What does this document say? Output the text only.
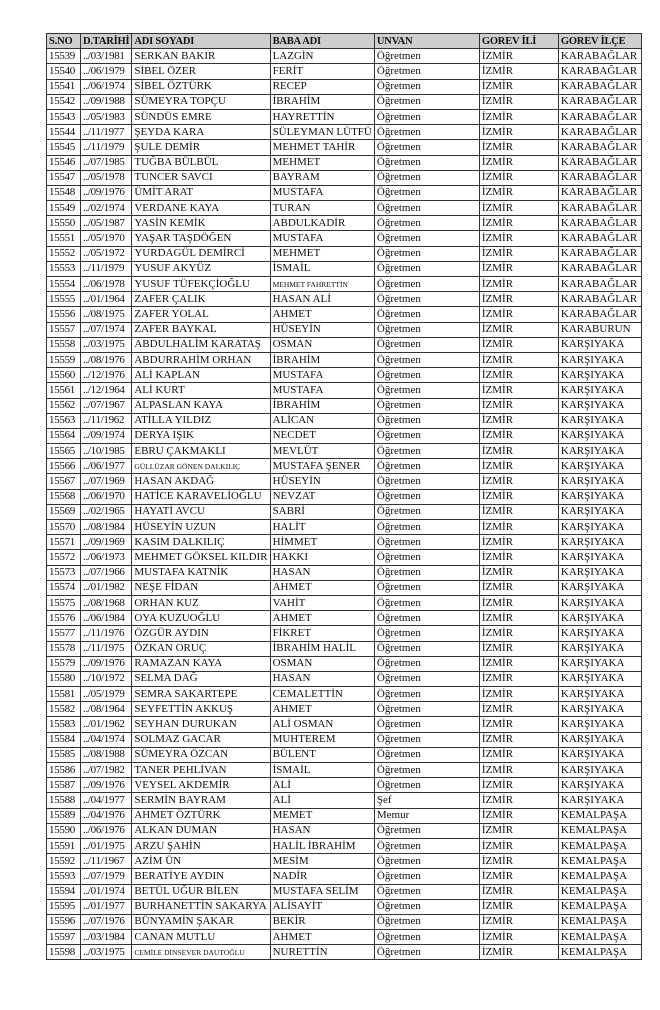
S.NO	D.TARİHİ	ADI SOYADI	BABA ADI	UNVAN	GOREV İLİ	GOREV İLÇE
15539	../03/1981	SERKAN BAKIR	LAZGİN	Öğretmen	İZMİR	KARABAĞLAR
15540	../06/1979	SİBEL ÖZER	FERİT	Öğretmen	İZMİR	KARABAĞLAR
15541	../06/1974	SİBEL ÖZTÜRK	RECEP	Öğretmen	İZMİR	KARABAĞLAR
15542	../09/1988	SÜMEYRA TOPÇU	İBRAHİM	Öğretmen	İZMİR	KARABAĞLAR
15543	../05/1983	SÜNDÜS EMRE	HAYRETTİN	Öğretmen	İZMİR	KARABAĞLAR
15544	../11/1977	ŞEYDA KARA	SÜLEYMAN LÜTFÜ	Öğretmen	İZMİR	KARABAĞLAR
15545	../11/1979	ŞULE DEMİR	MEHMET TAHİR	Öğretmen	İZMİR	KARABAĞLAR
15546	../07/1985	TUĞBA BÜLBÜL	MEHMET	Öğretmen	İZMİR	KARABAĞLAR
15547	../05/1978	TUNCER SAVCI	BAYRAM	Öğretmen	İZMİR	KARABAĞLAR
15548	../09/1976	ÜMİT ARAT	MUSTAFA	Öğretmen	İZMİR	KARABAĞLAR
15549	../02/1974	VERDANE KAYA	TURAN	Öğretmen	İZMİR	KARABAĞLAR
15550	../05/1987	YASİN KEMİK	ABDULKADİR	Öğretmen	İZMİR	KARABAĞLAR
15551	../05/1970	YAŞAR TAŞDÖĞEN	MUSTAFA	Öğretmen	İZMİR	KARABAĞLAR
15552	../05/1972	YURDAGÜL DEMİRCİ	MEHMET	Öğretmen	İZMİR	KARABAĞLAR
15553	../11/1979	YUSUF AKYÜZ	İSMAİL	Öğretmen	İZMİR	KARABAĞLAR
15554	../06/1978	YUSUF TÜFEKÇİOĞLU	MEHMET FAHRETTİN	Öğretmen	İZMİR	KARABAĞLAR
15555	../01/1964	ZAFER ÇALIK	HASAN ALİ	Öğretmen	İZMİR	KARABAĞLAR
15556	../08/1975	ZAFER YOLAL	AHMET	Öğretmen	İZMİR	KARABAĞLAR
15557	../07/1974	ZAFER BAYKAL	HÜSEYİN	Öğretmen	İZMİR	KARABURUN
15558	../03/1975	ABDULHALİM KARATAŞ	OSMAN	Öğretmen	İZMİR	KARŞIYAKA
15559	../08/1976	ABDURRAHİM ORHAN	İBRAHİM	Öğretmen	İZMİR	KARŞIYAKA
15560	../12/1976	ALİ KAPLAN	MUSTAFA	Öğretmen	İZMİR	KARŞIYAKA
15561	../12/1964	ALİ KURT	MUSTAFA	Öğretmen	İZMİR	KARŞIYAKA
15562	../07/1967	ALPASLAN KAYA	İBRAHİM	Öğretmen	İZMİR	KARŞIYAKA
15563	../11/1962	ATİLLA YILDIZ	ALİCAN	Öğretmen	İZMİR	KARŞIYAKA
15564	../09/1974	DERYA IŞIK	NECDET	Öğretmen	İZMİR	KARŞIYAKA
15565	../10/1985	EBRU ÇAKMAKLI	MEVLÜT	Öğretmen	İZMİR	KARŞIYAKA
15566	../06/1977	GÜLLÜZAR GÖNEN DALKILIÇ	MUSTAFA ŞENER	Öğretmen	İZMİR	KARŞIYAKA
15567	../07/1969	HASAN AKDAĞ	HÜSEYİN	Öğretmen	İZMİR	KARŞIYAKA
15568	../06/1970	HATİCE KARAVELİOĞLU	NEVZAT	Öğretmen	İZMİR	KARŞIYAKA
15569	../02/1965	HAYATİ AVCU	SABRİ	Öğretmen	İZMİR	KARŞIYAKA
15570	../08/1984	HÜSEYİN UZUN	HALİT	Öğretmen	İZMİR	KARŞIYAKA
15571	../09/1969	KASIM DALKILIÇ	HİMMET	Öğretmen	İZMİR	KARŞIYAKA
15572	../06/1973	MEHMET GÖKSEL KILDIR	HAKKI	Öğretmen	İZMİR	KARŞIYAKA
15573	../07/1966	MUSTAFA KATNİK	HASAN	Öğretmen	İZMİR	KARŞIYAKA
15574	../01/1982	NEŞE FİDAN	AHMET	Öğretmen	İZMİR	KARŞIYAKA
15575	../08/1968	ORHAN KUZ	VAHİT	Öğretmen	İZMİR	KARŞIYAKA
15576	../06/1984	OYA KUZUOĞLU	AHMET	Öğretmen	İZMİR	KARŞIYAKA
15577	../11/1976	ÖZGÜR AYDIN	FİKRET	Öğretmen	İZMİR	KARŞIYAKA
15578	../11/1975	ÖZKAN ORUÇ	İBRAHİM HALİL	Öğretmen	İZMİR	KARŞIYAKA
15579	../09/1976	RAMAZAN KAYA	OSMAN	Öğretmen	İZMİR	KARŞIYAKA
15580	../10/1972	SELMA DAĞ	HASAN	Öğretmen	İZMİR	KARŞIYAKA
15581	../05/1979	SEMRA SAKARTEPE	CEMALETTİN	Öğretmen	İZMİR	KARŞIYAKA
15582	../08/1964	SEYFETTİN AKKUŞ	AHMET	Öğretmen	İZMİR	KARŞIYAKA
15583	../01/1962	SEYHAN DURUKAN	ALİ OSMAN	Öğretmen	İZMİR	KARŞIYAKA
15584	../04/1974	SOLMAZ GACAR	MUHTEREM	Öğretmen	İZMİR	KARŞIYAKA
15585	../08/1988	SÜMEYRA ÖZCAN	BÜLENT	Öğretmen	İZMİR	KARŞIYAKA
15586	../07/1982	TANER PEHLİVAN	İSMAİL	Öğretmen	İZMİR	KARŞIYAKA
15587	../09/1976	VEYSEL AKDEMİR	ALİ	Öğretmen	İZMİR	KARŞIYAKA
15588	../04/1977	SERMİN BAYRAM	ALİ	Şef	İZMİR	KARŞIYAKA
15589	../04/1976	AHMET ÖZTÜRK	MEMET	Memur	İZMİR	KEMALPAŞA
15590	../06/1976	ALKAN DUMAN	HASAN	Öğretmen	İZMİR	KEMALPAŞA
15591	../01/1975	ARZU ŞAHİN	HALİL İBRAHİM	Öğretmen	İZMİR	KEMALPAŞA
15592	../11/1967	AZİM ÜN	MESİM	Öğretmen	İZMİR	KEMALPAŞA
15593	../07/1979	BERATİYE AYDIN	NADİR	Öğretmen	İZMİR	KEMALPAŞA
15594	../01/1974	BETÜL UĞUR BİLEN	MUSTAFA SELİM	Öğretmen	İZMİR	KEMALPAŞA
15595	../01/1977	BURHANETTİN SAKARYA	ALİSAYİT	Öğretmen	İZMİR	KEMALPAŞA
15596	../07/1976	BÜNYAMİN ŞAKAR	BEKİR	Öğretmen	İZMİR	KEMALPAŞA
15597	../03/1984	CANAN MUTLU	AHMET	Öğretmen	İZMİR	KEMALPAŞA
15598	../03/1975	CEMİLE DİNSEVER DAUTOĞLU	NURETTİN	Öğretmen	İZMİR	KEMALPAŞA
